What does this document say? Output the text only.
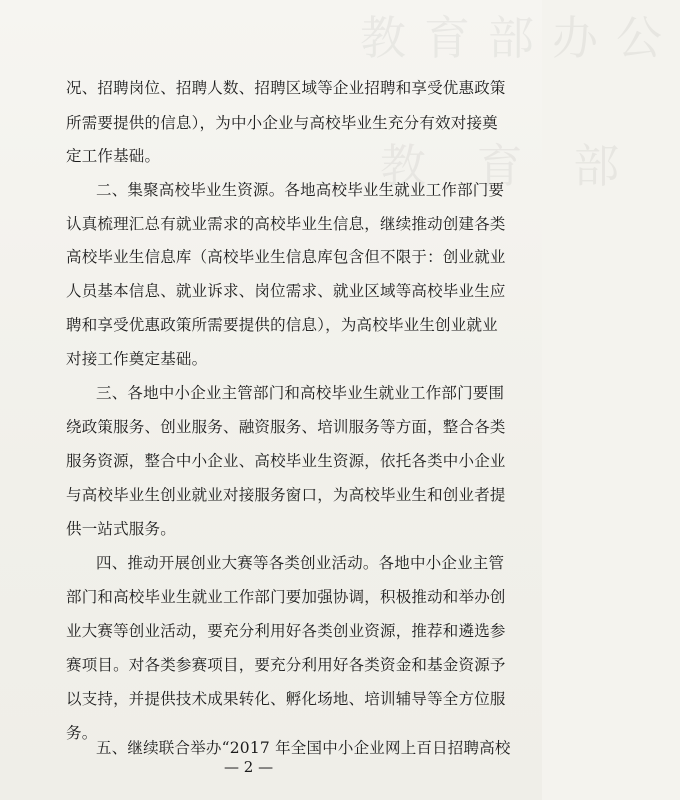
教育部办公
教 育 部
况、招聘岗位、招聘人数、招聘区域等企业招聘和享受优惠政策
所需要提供的信息），为中小企业与高校毕业生充分有效对接奠
定工作基础。
二、集聚高校毕业生资源。各地高校毕业生就业工作部门要
认真梳理汇总有就业需求的高校毕业生信息，继续推动创建各类
高校毕业生信息库（高校毕业生信息库包含但不限于：创业就业
人员基本信息、就业诉求、岗位需求、就业区域等高校毕业生应
聘和享受优惠政策所需要提供的信息），为高校毕业生创业就业
对接工作奠定基础。
三、各地中小企业主管部门和高校毕业生就业工作部门要围
绕政策服务、创业服务、融资服务、培训服务等方面，整合各类
服务资源，整合中小企业、高校毕业生资源，依托各类中小企业
与高校毕业生创业就业对接服务窗口，为高校毕业生和创业者提
供一站式服务。
四、推动开展创业大赛等各类创业活动。各地中小企业主管
部门和高校毕业生就业工作部门要加强协调，积极推动和举办创
业大赛等创业活动，要充分利用好各类创业资源，推荐和遴选参
赛项目。对各类参赛项目，要充分利用好各类资金和基金资源予
以支持，并提供技术成果转化、孵化场地、培训辅导等全方位服
务。
五、继续联合举办“2017 年全国中小企业网上百日招聘高校
— 2 —
